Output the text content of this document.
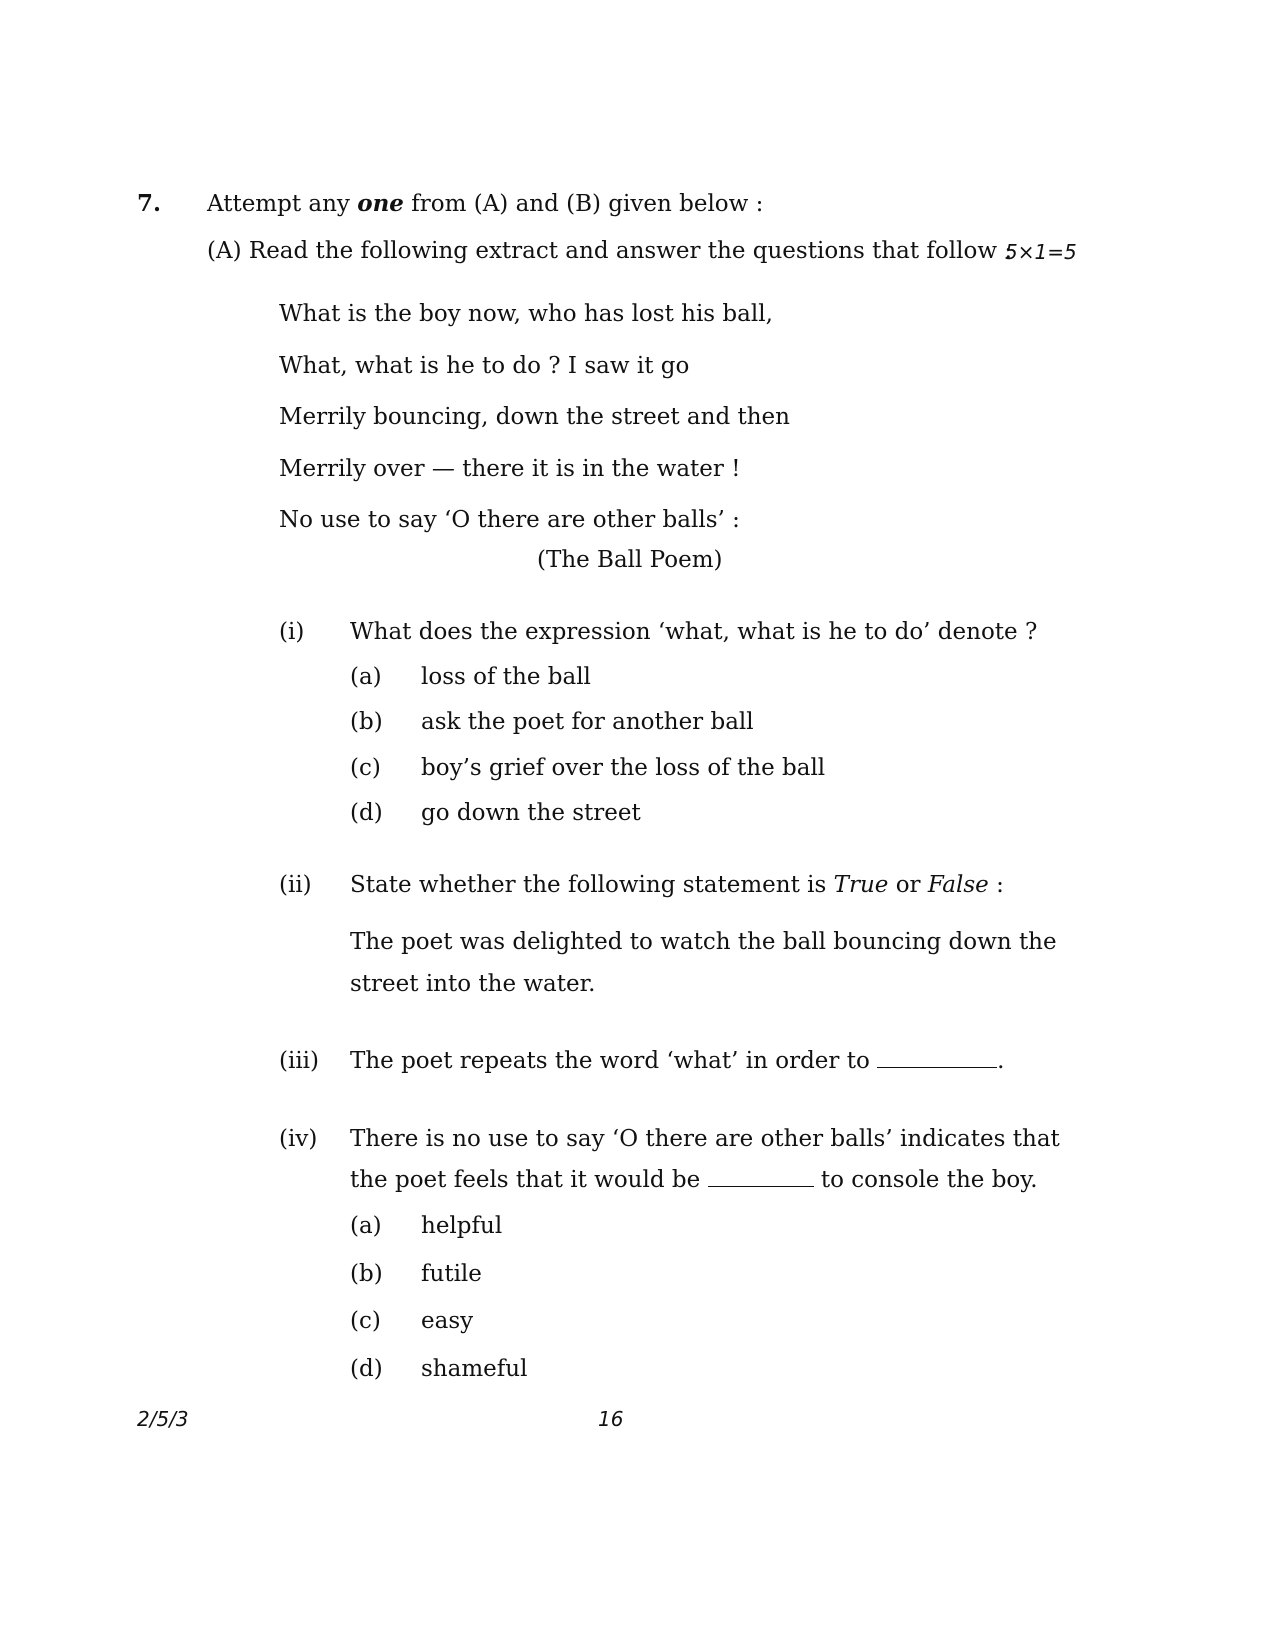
7. Attempt any one from (A) and (B) given below :
(A) Read the following extract and answer the questions that follow :
5×1=5
What is the boy now, who has lost his ball,
What, what is he to do ? I saw it go
Merrily bouncing, down the street and then
Merrily over — there it is in the water !
No use to say ‘O there are other balls’ :
(The Ball Poem)
(i) What does the expression ‘what, what is he to do’ denote ?
(a) loss of the ball
(b) ask the poet for another ball
(c) boy’s grief over the loss of the ball
(d) go down the street
(ii) State whether the following statement is True or False :
The poet was delighted to watch the ball bouncing down the
street into the water.
(iii) The poet repeats the word ‘what’ in order to	.
(iv) There is no use to say ‘O there are other balls’ indicates that
the poet feels that it would be	to console the boy.
(a) helpful
(b) futile
(c) easy
(d) shameful
2/5/3	16
